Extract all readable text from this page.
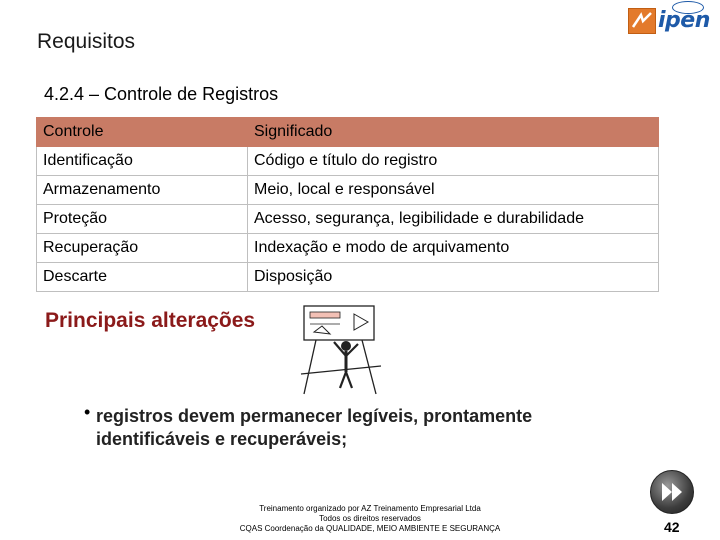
Requisitos
ipen
4.2.4 – Controle de Registros
Controle	Significado
Identificação	Código e título do registro
Armazenamento	Meio, local e responsável
Proteção	Acesso, segurança, legibilidade e durabilidade
Recuperação	Indexação e modo de arquivamento
Descarte	Disposição
Principais alterações
• registros devem permanecer legíveis, prontamente identificáveis e recuperáveis;
Treinamento organizado por AZ Treinamento Empresarial Ltda
Todos os direitos reservados
CQAS Coordenação da QUALIDADE, MEIO AMBIENTE E SEGURANÇA	42
